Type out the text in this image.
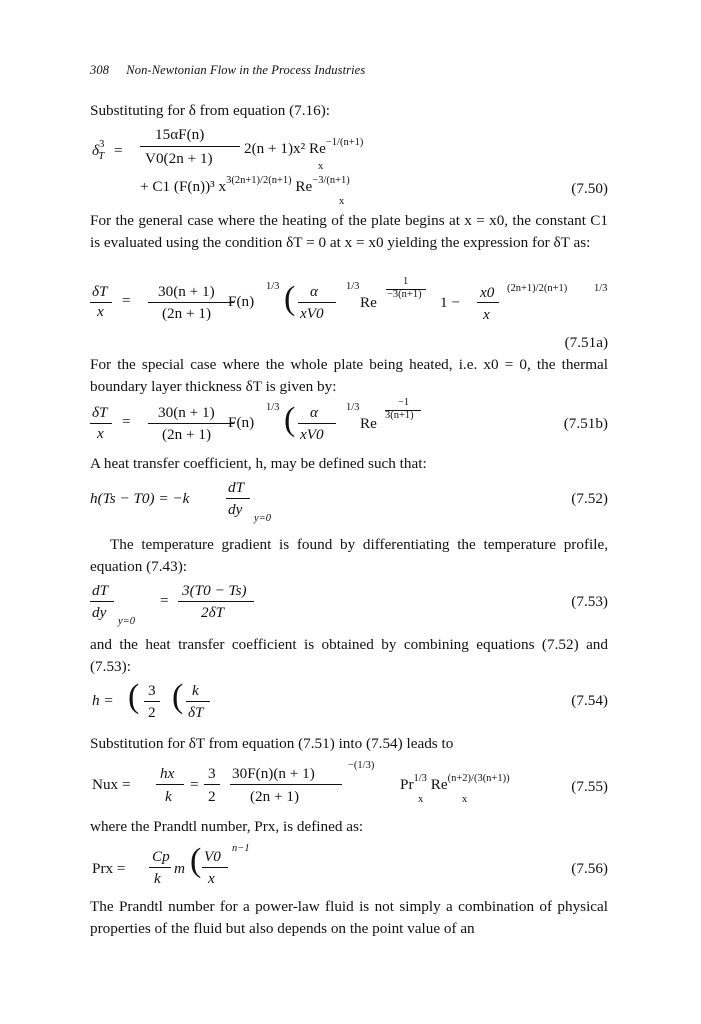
308 Non-Newtonian Flow in the Process Industries
Substituting for δ from equation (7.16):
$\delta^3_T$ =
15αF(n)
V0(2n + 1)
2(n + 1)x² $Re^{-1/(n+1)}$
x
+ C1 (F(n))³ $x^{3(2n+1)/2(n+1)}$ $Re^{-3/(n+1)}$
x
(7.50)
For the general case where the heating of the plate begins at x = x0, the constant C1 is evaluated using the condition δT = 0 at x = x0 yielding the expression for δT as:
δT
x
=
30(n + 1)
(2n + 1)
F(n)
1/3 ( α
xV0
1/3
Re
1
−3(n+1) 1 −
x0
x
(2n+1)/2(n+1)	1/3
(7.51a)
For the special case where the whole plate being heated, i.e. x0 = 0, the thermal boundary layer thickness δT is given by:
δT
x
=
30(n + 1)
(2n + 1)
F(n)
1/3 ( α
xV0
1/3
Re
−1
3(n+1)	(7.51b)
A heat transfer coefficient, h, may be defined such that:
h(Ts − T0) = −k
dT
dy
y=0
(7.52)
The temperature gradient is found by differentiating the temperature profile, equation (7.43):
dT
dy
y=0
=
3(T0 − Ts)
2δT
(7.53)
and the heat transfer coefficient is obtained by combining equations (7.52) and (7.53):
h = ( 3
2 ( k
δT
(7.54)
Substitution for δT from equation (7.51) into (7.54) leads to
Nux =
hx
k
=
3
2
30F(n)(n + 1)
(2n + 1)
−(1/3)
$Pr^{1/3}$ $Re^{(n+2)/(3(n+1))}$
x	x
(7.55)
where the Prandtl number, Prx, is defined as:
Prx =
Cp
k
m ( V0
x
n−1
(7.56)
The Prandtl number for a power-law fluid is not simply a combination of physical properties of the fluid but also depends on the point value of an
